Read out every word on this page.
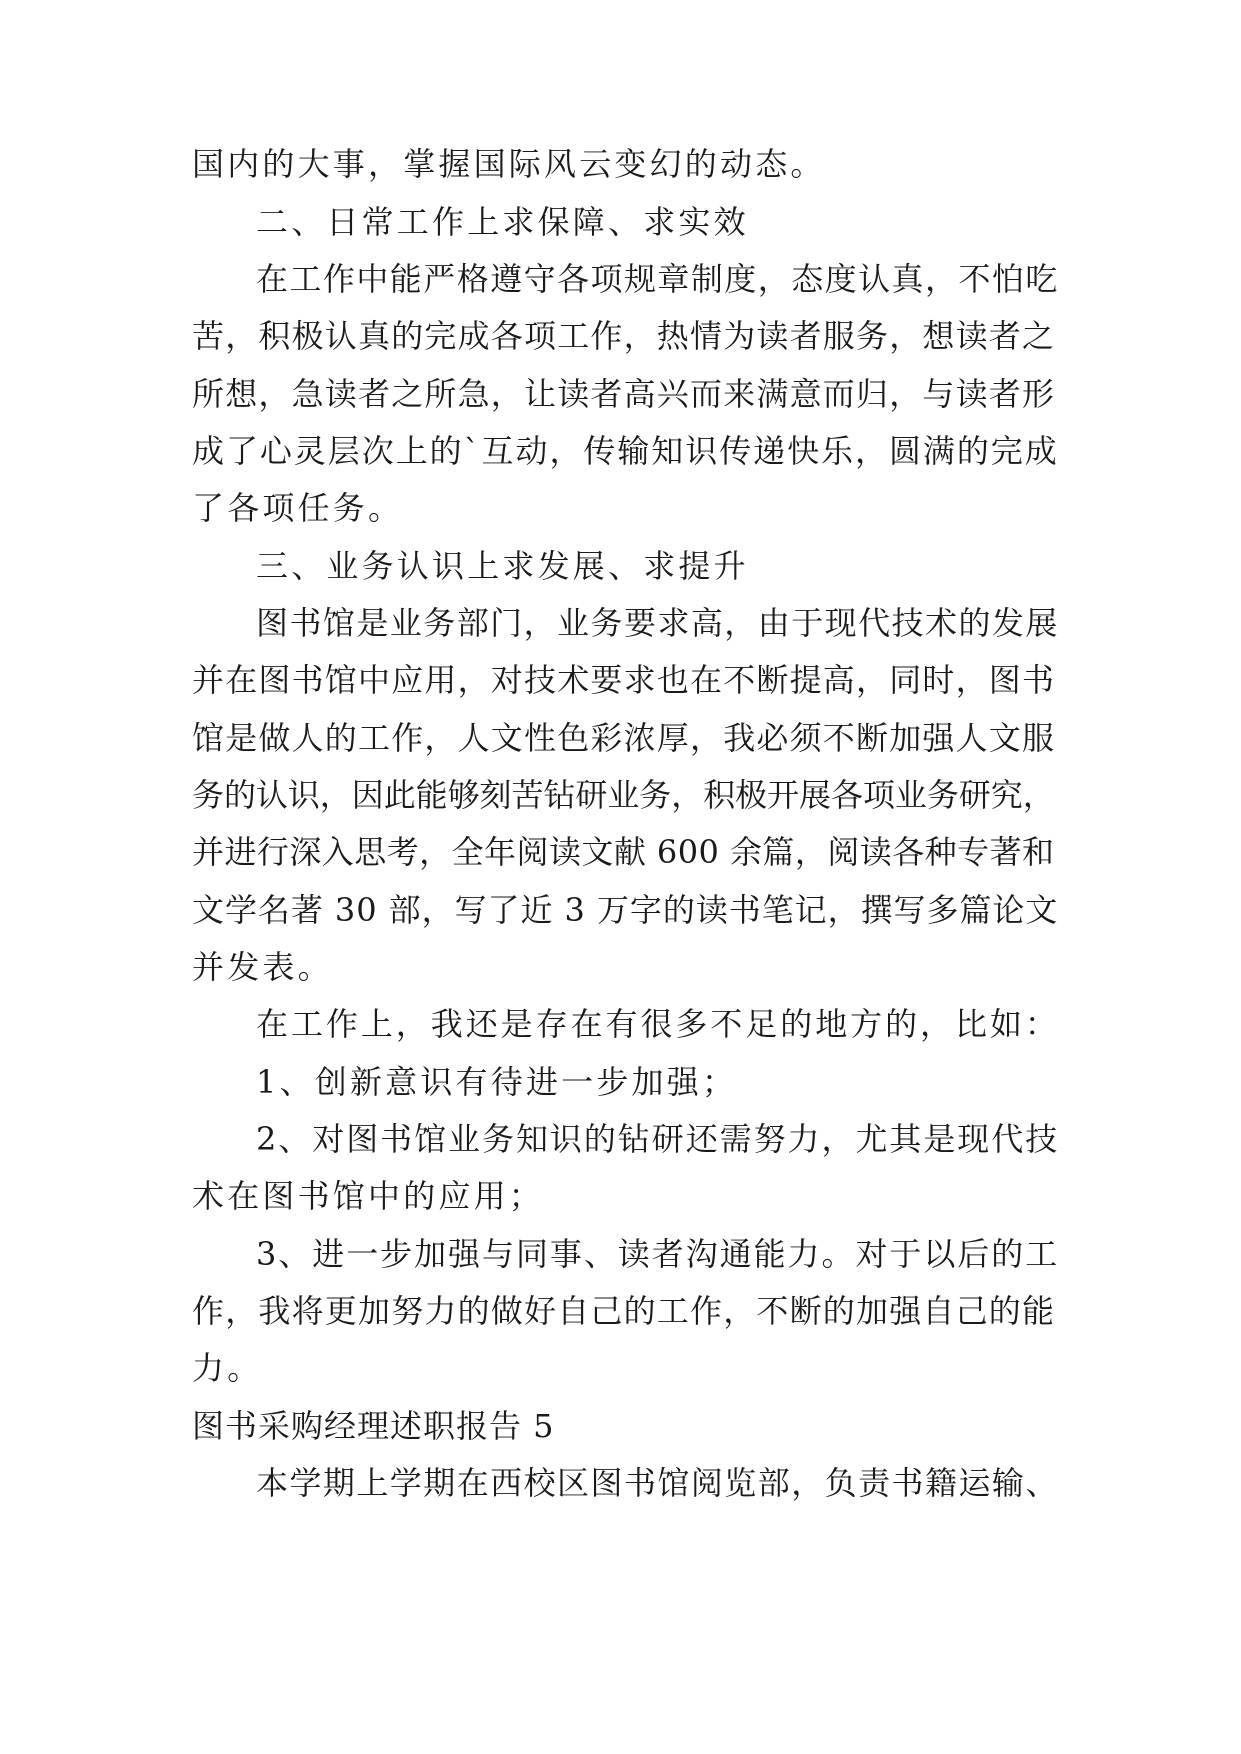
国内的大事，掌握国际风云变幻的动态。
二、日常工作上求保障、求实效
在工作中能严格遵守各项规章制度，态度认真，不怕吃
苦，积极认真的完成各项工作，热情为读者服务，想读者之
所想，急读者之所急，让读者高兴而来满意而归，与读者形
成了心灵层次上的`互动，传输知识传递快乐，圆满的完成
了各项任务。
三、业务认识上求发展、求提升
图书馆是业务部门，业务要求高，由于现代技术的发展
并在图书馆中应用，对技术要求也在不断提高，同时，图书
馆是做人的工作，人文性色彩浓厚，我必须不断加强人文服
务的认识，因此能够刻苦钻研业务，积极开展各项业务研究，
并进行深入思考，全年阅读文献 600 余篇，阅读各种专著和
文学名著 30 部，写了近 3 万字的读书笔记，撰写多篇论文
并发表。
在工作上，我还是存在有很多不足的地方的，比如：
1、创新意识有待进一步加强；
2、对图书馆业务知识的钻研还需努力，尤其是现代技
术在图书馆中的应用；
3、进一步加强与同事、读者沟通能力。对于以后的工
作，我将更加努力的做好自己的工作，不断的加强自己的能
力。
图书采购经理述职报告 5
本学期上学期在西校区图书馆阅览部，负责书籍运输、
